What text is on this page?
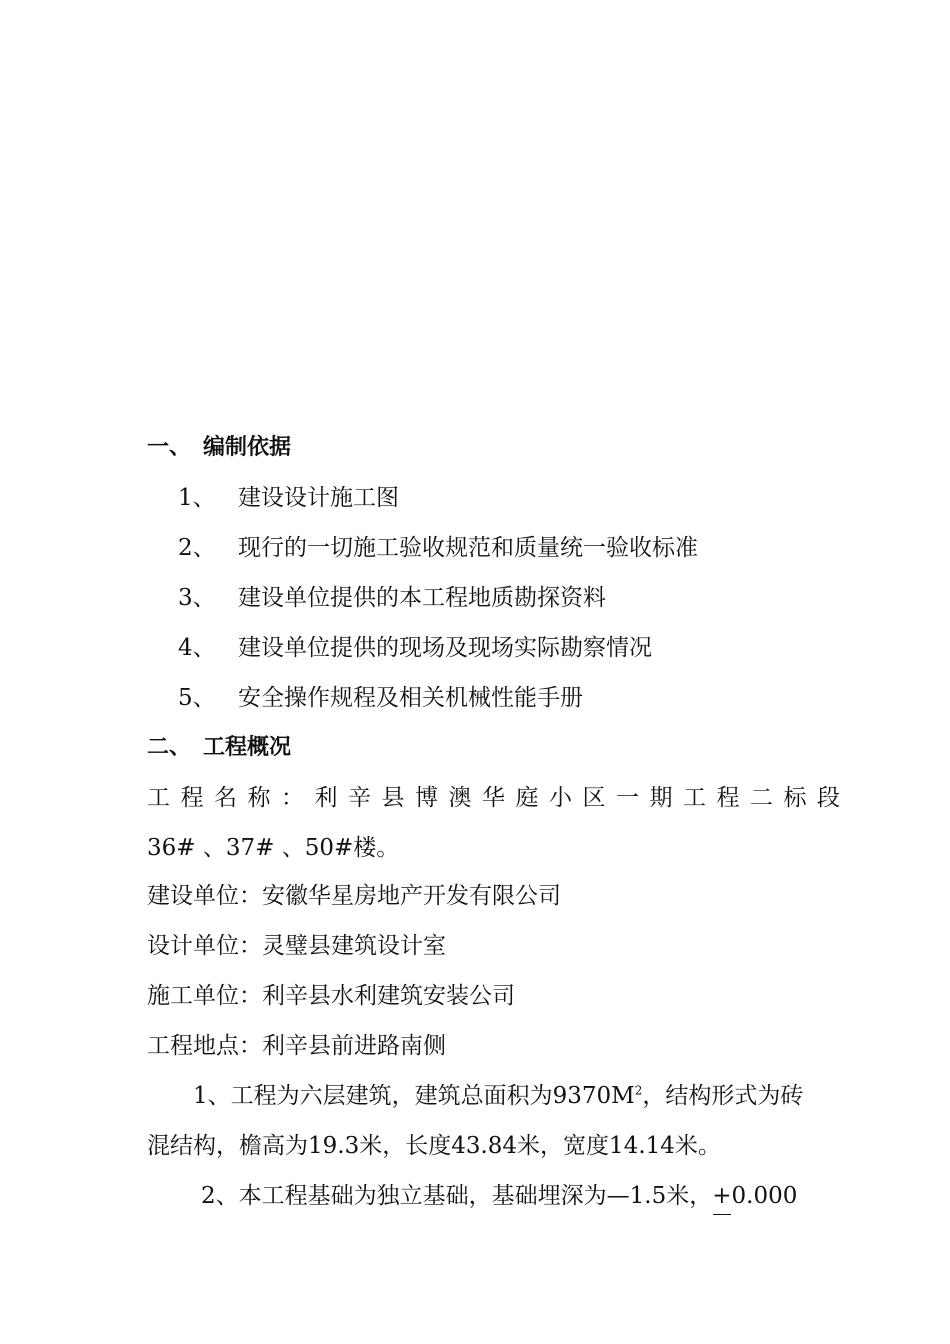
一、 编制依据
1、 建设设计施工图
2、 现行的一切施工验收规范和质量统一验收标准
3、 建设单位提供的本工程地质勘探资料
4、 建设单位提供的现场及现场实际勘察情况
5、 安全操作规程及相关机械性能手册
二、 工程概况
工程名称：利辛县博澳华庭小区一期工程二标段
36# 、37# 、50#楼。
建设单位：安徽华星房地产开发有限公司
设计单位：灵璧县建筑设计室
施工单位：利辛县水利建筑安装公司
工程地点：利辛县前进路南侧
1、工程为六层建筑，建筑总面积为$9370M^2$，结构形式为砖
混结构，檐高为19.3米，长度43.84米，宽度14.14米。
2、本工程基础为独立基础，基础埋深为—1.5米，+0.000
